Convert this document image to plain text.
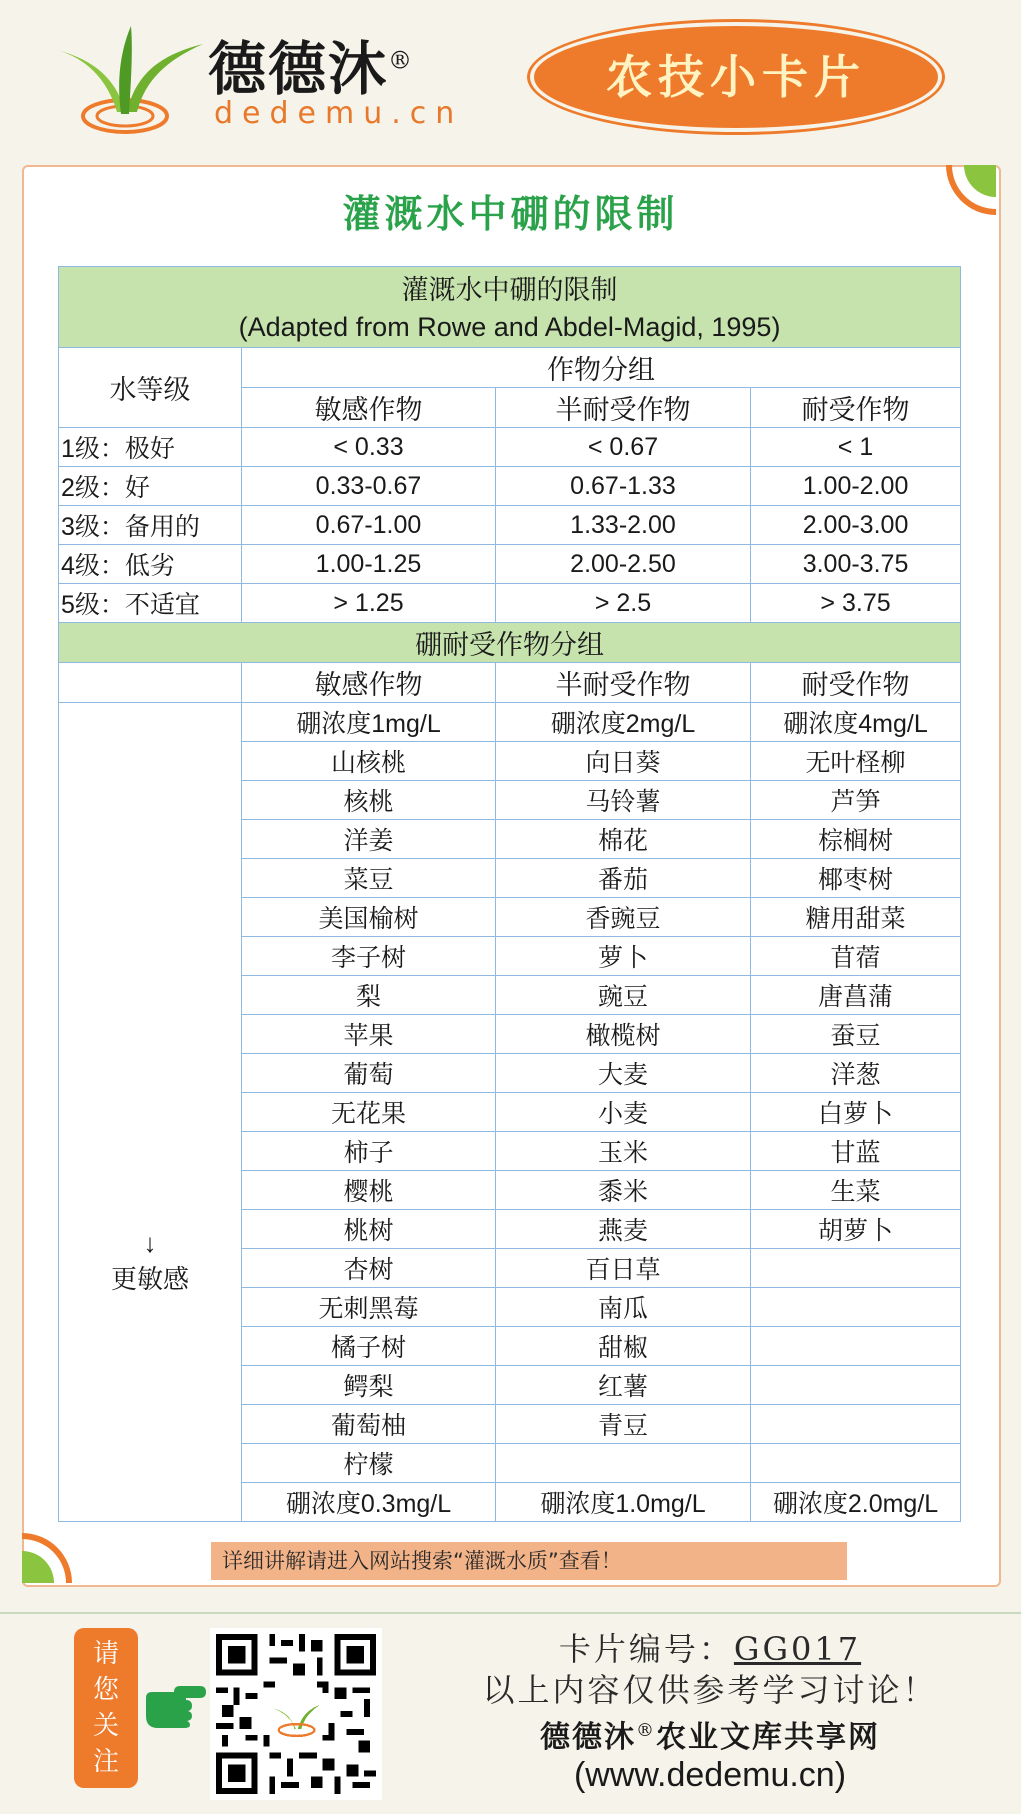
德德沐®
dedemu.cn
农技小卡片
灌溉水中硼的限制
灌溉水中硼的限制			
(Adapted from Rowe and Abdel-Magid, 1995)			
水等级	作物分组		
	敏感作物	半耐受作物	耐受作物
1级：极好	< 0.33	< 0.67	< 1
2级：好	0.33-0.67	0.67-1.33	1.00-2.00
3级：备用的	0.67-1.00	1.33-2.00	2.00-3.00
4级：低劣	1.00-1.25	2.00-2.50	3.00-3.75
5级：不适宜	> 1.25	> 2.5	> 3.75
硼耐受作物分组			
	敏感作物	半耐受作物	耐受作物

↓
更敏感	硼浓度1mg/L	硼浓度2mg/L	硼浓度4mg/L
	山核桃	向日葵	无叶柽柳
	核桃	马铃薯	芦笋
	洋姜	棉花	棕榈树
	菜豆	番茄	椰枣树
	美国榆树	香豌豆	糖用甜菜
	李子树	萝卜	苜蓿
	梨	豌豆	唐菖蒲
	苹果	橄榄树	蚕豆
	葡萄	大麦	洋葱
	无花果	小麦	白萝卜
	柿子	玉米	甘蓝
	樱桃	黍米	生菜
	桃树	燕麦	胡萝卜
	杏树	百日草	
	无刺黑莓	南瓜	
	橘子树	甜椒	
	鳄梨	红薯	
	葡萄柚	青豆	
	柠檬		
	硼浓度0.3mg/L	硼浓度1.0mg/L	硼浓度2.0mg/L
详细讲解请进入网站搜索“灌溉水质”查看！
请
您
关
注
卡片编号：GG017
以上内容仅供参考学习讨论！
德德沐®农业文库共享网
(www.dedemu.cn)
